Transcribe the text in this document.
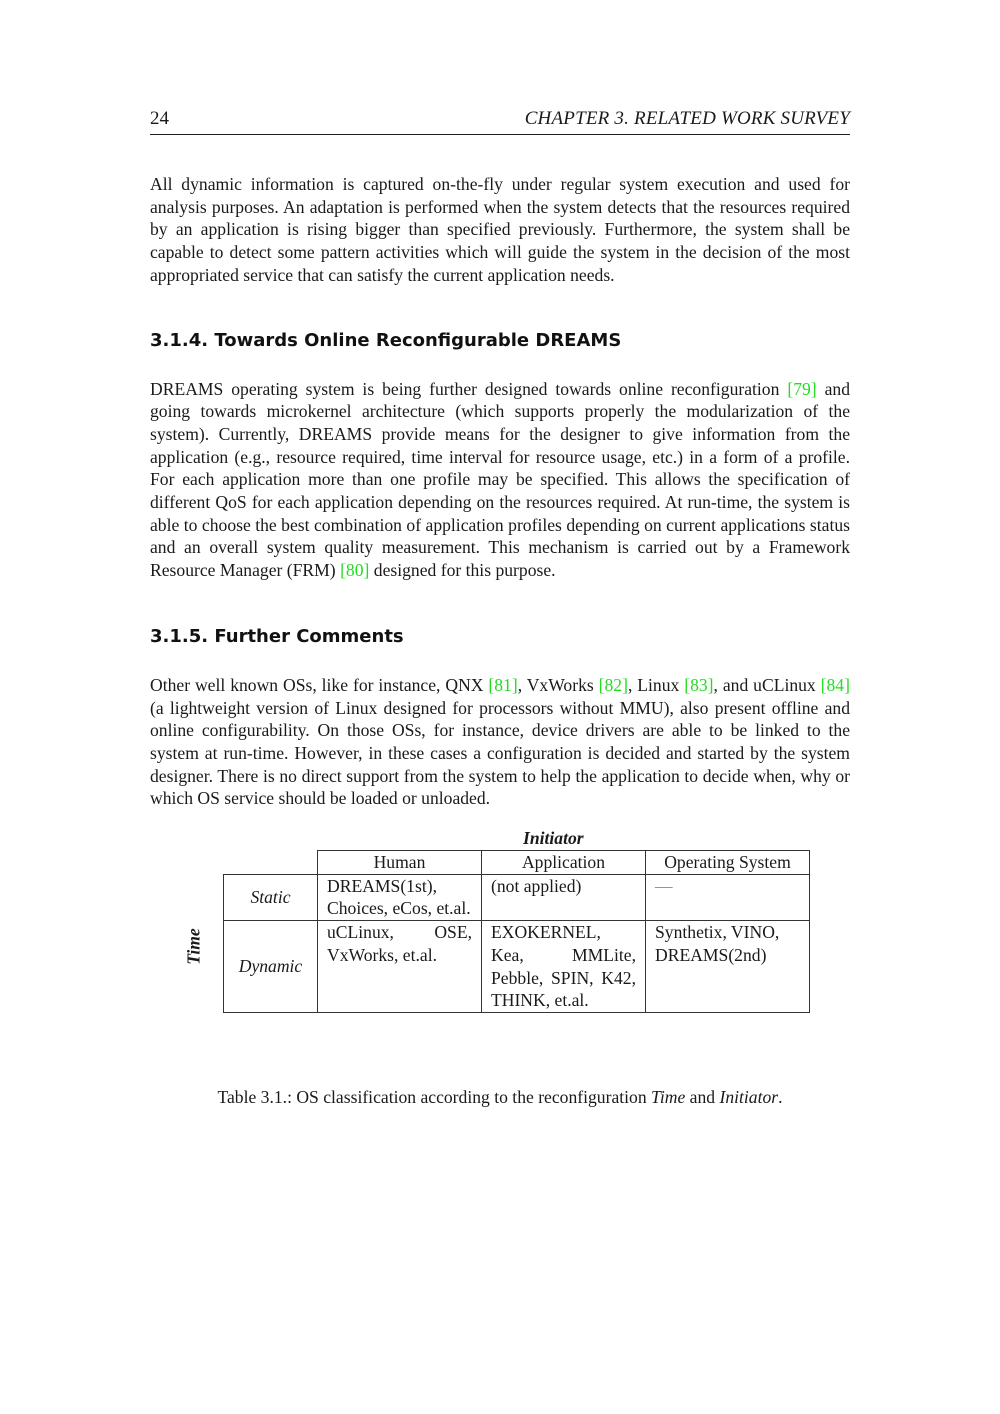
24	CHAPTER 3. RELATED WORK SURVEY

All dynamic information is captured on-the-fly under regular system execution and used for analysis purposes. An adaptation is performed when the system detects that the resources required by an application is rising bigger than specified previously. Furthermore, the system shall be capable to detect some pattern activities which will guide the system in the decision of the most appropriated service that can satisfy the current application needs.

3.1.4. Towards Online Reconfigurable DREAMS

DREAMS operating system is being further designed towards online reconfiguration [79] and going towards microkernel architecture (which supports properly the modularization of the system). Currently, DREAMS provide means for the designer to give information from the application (e.g., resource required, time interval for resource usage, etc.) in a form of a profile. For each application more than one profile may be specified. This allows the specification of different QoS for each application depending on the resources required. At run-time, the system is able to choose the best combination of application profiles depending on current applications status and an overall system quality measurement. This mechanism is carried out by a Framework Resource Manager (FRM) [80] designed for this purpose.

3.1.5. Further Comments

Other well known OSs, like for instance, QNX [81], VxWorks [82], Linux [83], and uCLinux [84] (a lightweight version of Linux designed for processors without MMU), also present offline and online configurability. On those OSs, for instance, device drivers are able to be linked to the system at run-time. However, in these cases a configuration is decided and started by the system designer. There is no direct support from the system to help the application to decide when, why or which OS service should be loaded or unloaded.

Initiator
Time
	Human	Application	Operating System
Static	DREAMS(1st), Choices, eCos, et.al.	(not applied)	—
Dynamic	uCLinux, OSE, VxWorks, et.al.	EXOKERNEL, Kea, MMLite, Pebble, SPIN, K42, THINK, et.al.	Synthetix, VINO, DREAMS(2nd)
Table 3.1.: OS classification according to the reconfiguration Time and Initiator.
